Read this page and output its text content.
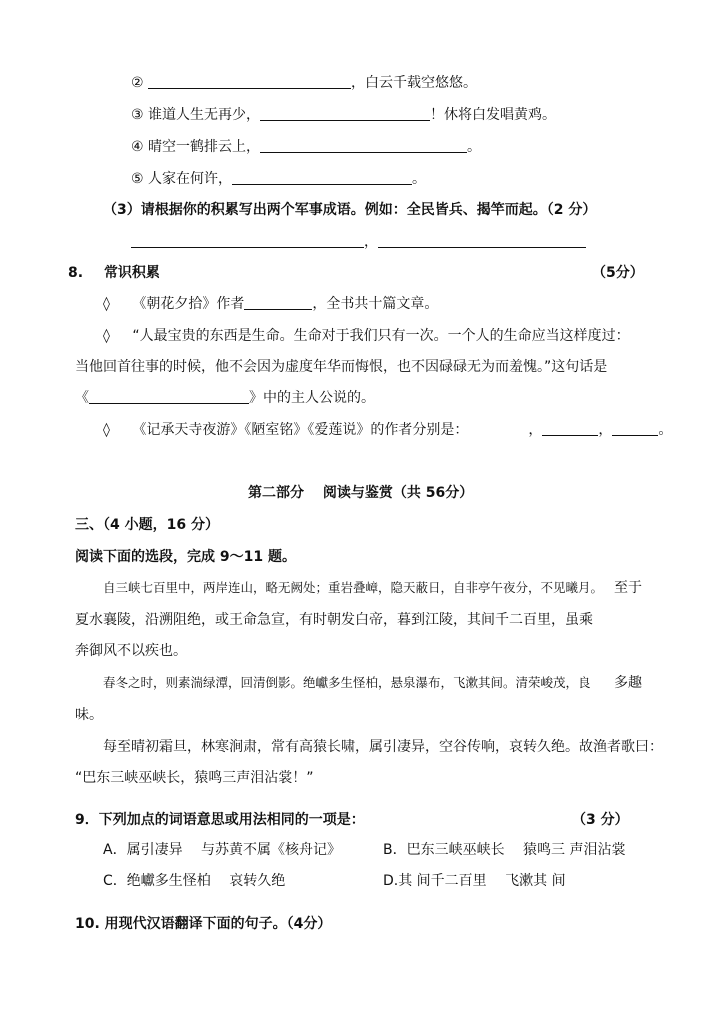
②	，白云千载空悠悠。
③ 谁道人生无再少，	！休将白发唱黄鸡。
④ 晴空一鹤排云上，	。
⑤ 人家在何许，	。
（3）请根据你的积累写出两个军事成语。例如：全民皆兵、揭竿而起。（2 分）
，
8. 常识积累	（5分）
◊ 《朝花夕拾》作者	，全书共十篇文章。
◊ “人最宝贵的东西是生命。生命对于我们只有一次。一个人的生命应当这样度过：
当他回首往事的时候，他不会因为虚度年华而悔恨，也不因碌碌无为而羞愧。”这句话是
《	》中的主人公说的。
◊ 《记承天寺夜游》《陋室铭》《爱莲说》的作者分别是：	，	，	。
第二部分　 阅读与鉴赏（共 56分）
三、（4 小题，16 分）
阅读下面的选段，完成 9～11 题。
自三峡七百里中，两岸连山，略无阙处；重岩叠嶂，隐天蔽日，自非亭午夜分，不见曦月。 至于
夏水襄陵，沿溯阻绝，或王命急宣，有时朝发白帝，暮到江陵，其间千二百里，虽乘
奔御风不以疾也。
春冬之时，则素湍绿潭，回清倒影。绝巘多生怪柏，悬泉瀑布，飞漱其间。清荣峻茂，良 多趣
味。
每至晴初霜旦，林寒涧肃，常有高猿长啸，属引凄异，空谷传响，哀转久绝。故渔者歌曰：
“巴东三峡巫峡长，猿鸣三声泪沾裳！”
9．下列加点的词语意思或用法相同的一项是：	（3 分）
A．属引凄异　 与苏黄不属《核舟记》	B．巴东三峡巫峡长　 猿鸣三 声泪沾裳
C．绝巘多生怪柏　 哀转久绝	D.其 间千二百里　 飞漱其 间
10. 用现代汉语翻译下面的句子。（4分）
